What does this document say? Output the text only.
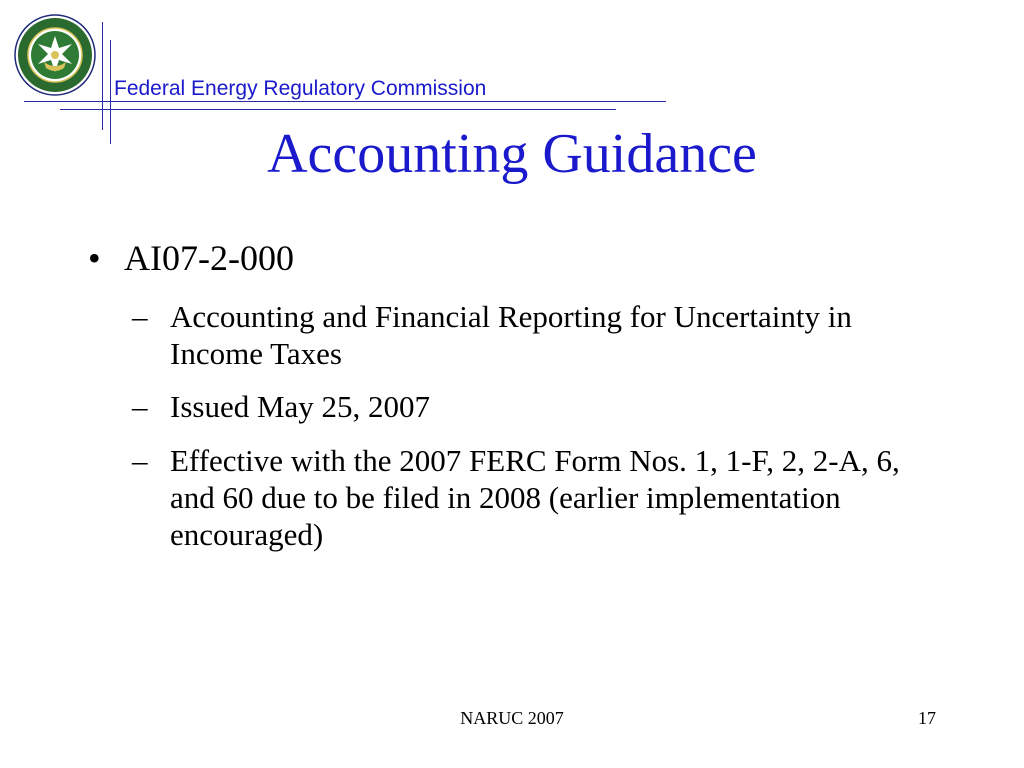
Federal Energy Regulatory Commission
Accounting Guidance
• AI07-2-000
– Accounting and Financial Reporting for Uncertainty in Income Taxes
– Issued May 25, 2007
– Effective with the 2007 FERC Form Nos. 1, 1-F, 2, 2-A, 6, and 60 due to be filed in 2008 (earlier implementation encouraged)
NARUC 2007	17
